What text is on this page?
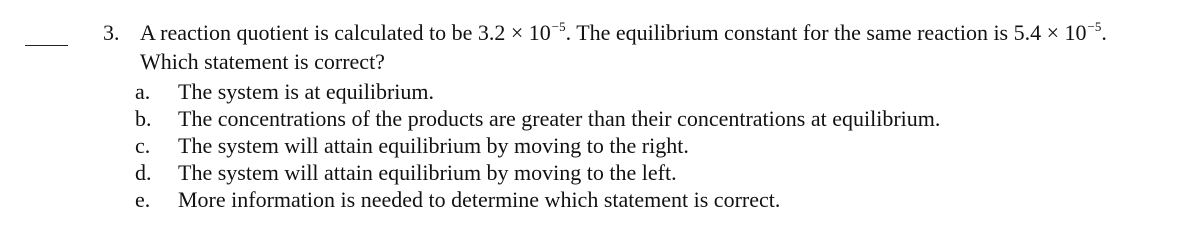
3. A reaction quotient is calculated to be $3.2 \times 10^{-5}$. The equilibrium constant for the same reaction is $5.4 \times 10^{-5}$.
Which statement is correct?
a. The system is at equilibrium.
b. The concentrations of the products are greater than their concentrations at equilibrium.
c. The system will attain equilibrium by moving to the right.
d. The system will attain equilibrium by moving to the left.
e. More information is needed to determine which statement is correct.
